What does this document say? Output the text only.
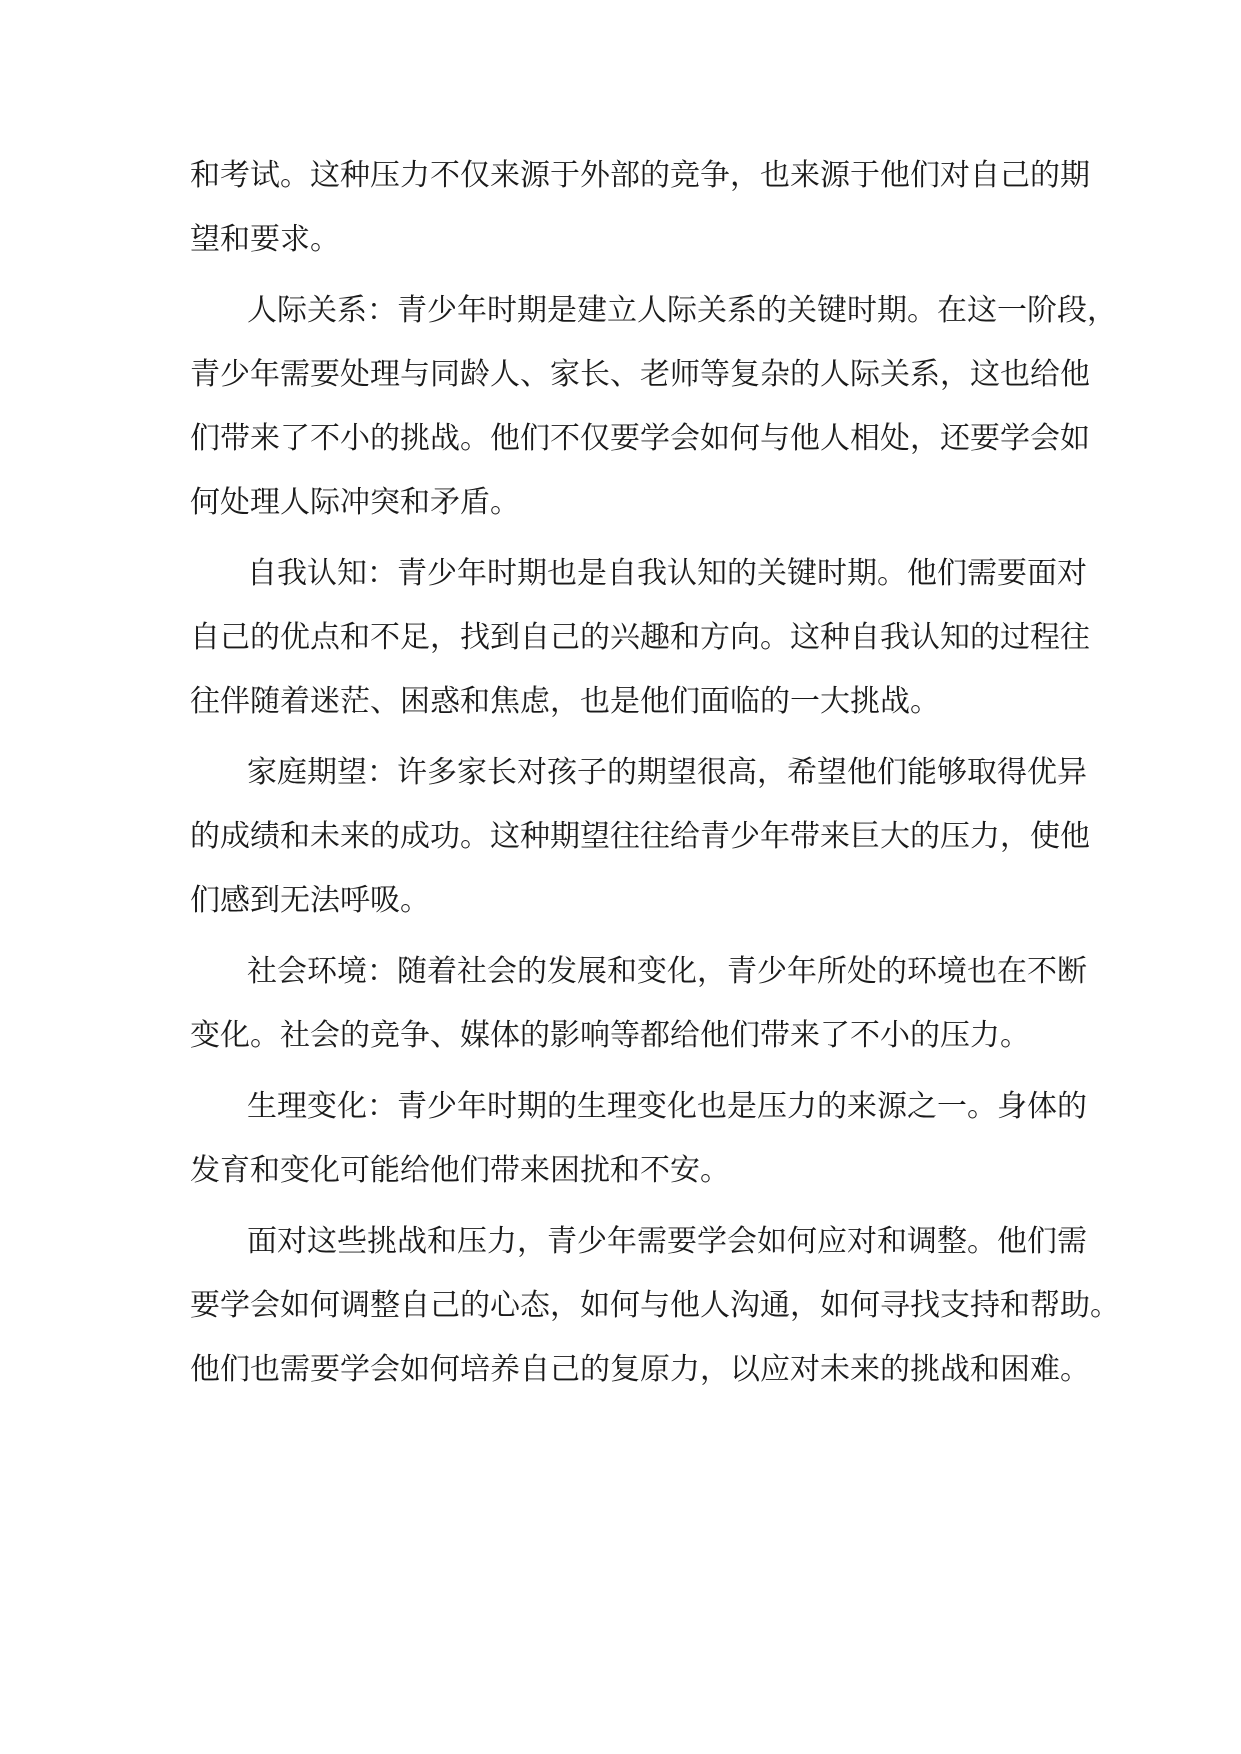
和考试。这种压力不仅来源于外部的竞争，也来源于他们对自己的期
望和要求。
人际关系：青少年时期是建立人际关系的关键时期。在这一阶段，
青少年需要处理与同龄人、家长、老师等复杂的人际关系，这也给他
们带来了不小的挑战。他们不仅要学会如何与他人相处，还要学会如
何处理人际冲突和矛盾。
自我认知：青少年时期也是自我认知的关键时期。他们需要面对
自己的优点和不足，找到自己的兴趣和方向。这种自我认知的过程往
往伴随着迷茫、困惑和焦虑，也是他们面临的一大挑战。
家庭期望：许多家长对孩子的期望很高，希望他们能够取得优异
的成绩和未来的成功。这种期望往往给青少年带来巨大的压力，使他
们感到无法呼吸。
社会环境：随着社会的发展和变化，青少年所处的环境也在不断
变化。社会的竞争、媒体的影响等都给他们带来了不小的压力。
生理变化：青少年时期的生理变化也是压力的来源之一。身体的
发育和变化可能给他们带来困扰和不安。
面对这些挑战和压力，青少年需要学会如何应对和调整。他们需
要学会如何调整自己的心态，如何与他人沟通，如何寻找支持和帮助。
他们也需要学会如何培养自己的复原力，以应对未来的挑战和困难。
